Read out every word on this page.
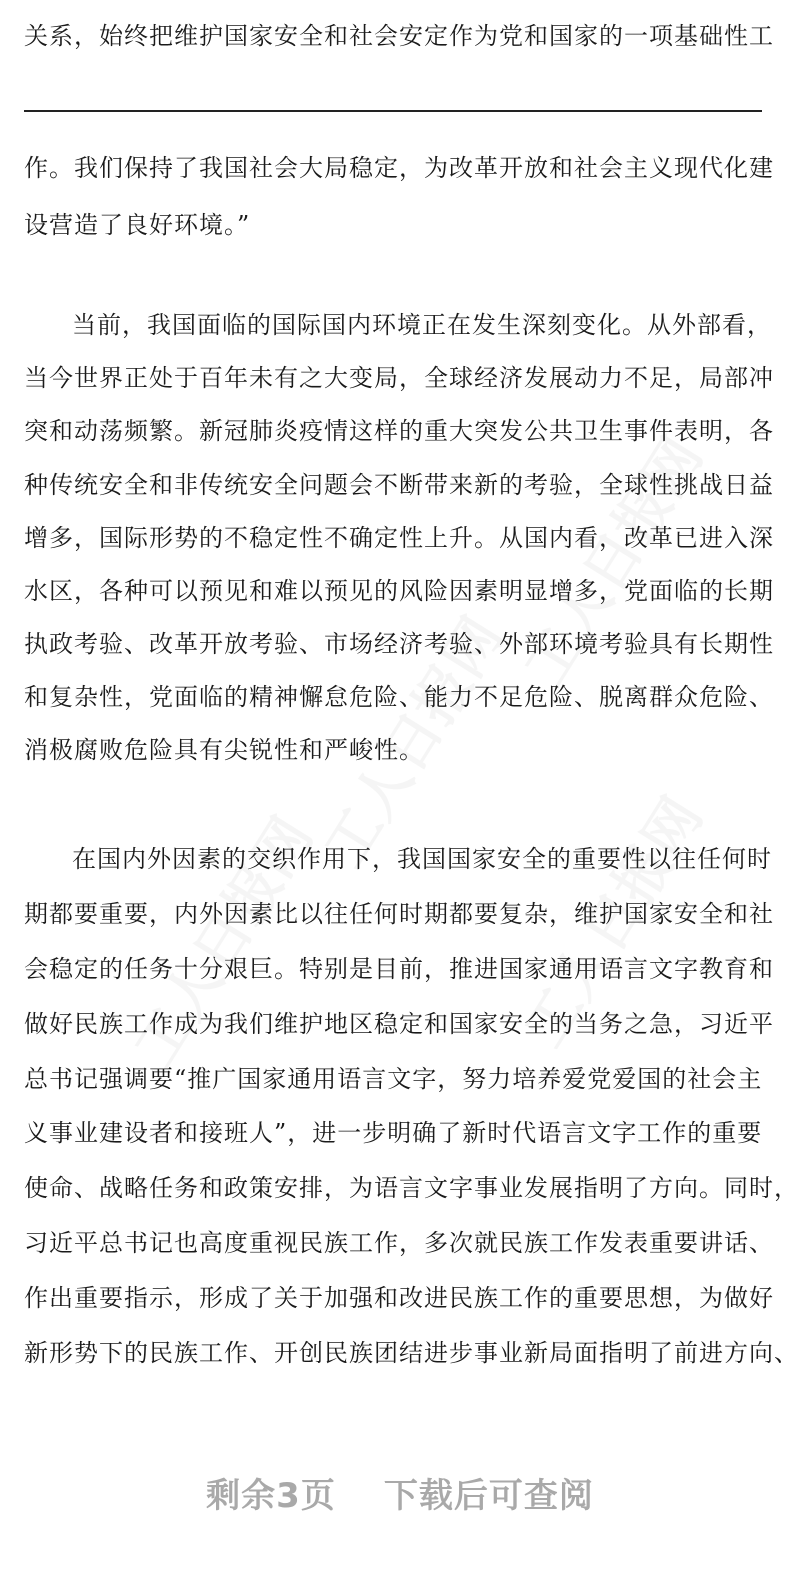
关系，始终把维护国家安全和社会安定作为党和国家的一项基础性工
作。我们保持了我国社会大局稳定，为改革开放和社会主义现代化建
设营造了良好环境。”
当前，我国面临的国际国内环境正在发生深刻变化。从外部看，
当今世界正处于百年未有之大变局，全球经济发展动力不足，局部冲
突和动荡频繁。新冠肺炎疫情这样的重大突发公共卫生事件表明，各
种传统安全和非传统安全问题会不断带来新的考验，全球性挑战日益
增多，国际形势的不稳定性不确定性上升。从国内看，改革已进入深
水区，各种可以预见和难以预见的风险因素明显增多，党面临的长期
执政考验、改革开放考验、市场经济考验、外部环境考验具有长期性
和复杂性，党面临的精神懈怠危险、能力不足危险、脱离群众危险、
消极腐败危险具有尖锐性和严峻性。
在国内外因素的交织作用下，我国国家安全的重要性以往任何时
期都要重要，内外因素比以往任何时期都要复杂，维护国家安全和社
会稳定的任务十分艰巨。特别是目前，推进国家通用语言文字教育和
做好民族工作成为我们维护地区稳定和国家安全的当务之急，习近平
总书记强调要“推广国家通用语言文字，努力培养爱党爱国的社会主
义事业建设者和接班人”，进一步明确了新时代语言文字工作的重要
使命、战略任务和政策安排，为语言文字事业发展指明了方向。同时，
习近平总书记也高度重视民族工作，多次就民族工作发表重要讲话、
作出重要指示，形成了关于加强和改进民族工作的重要思想，为做好
新形势下的民族工作、开创民族团结进步事业新局面指明了前进方向、
剩余3页 下载后可查阅
